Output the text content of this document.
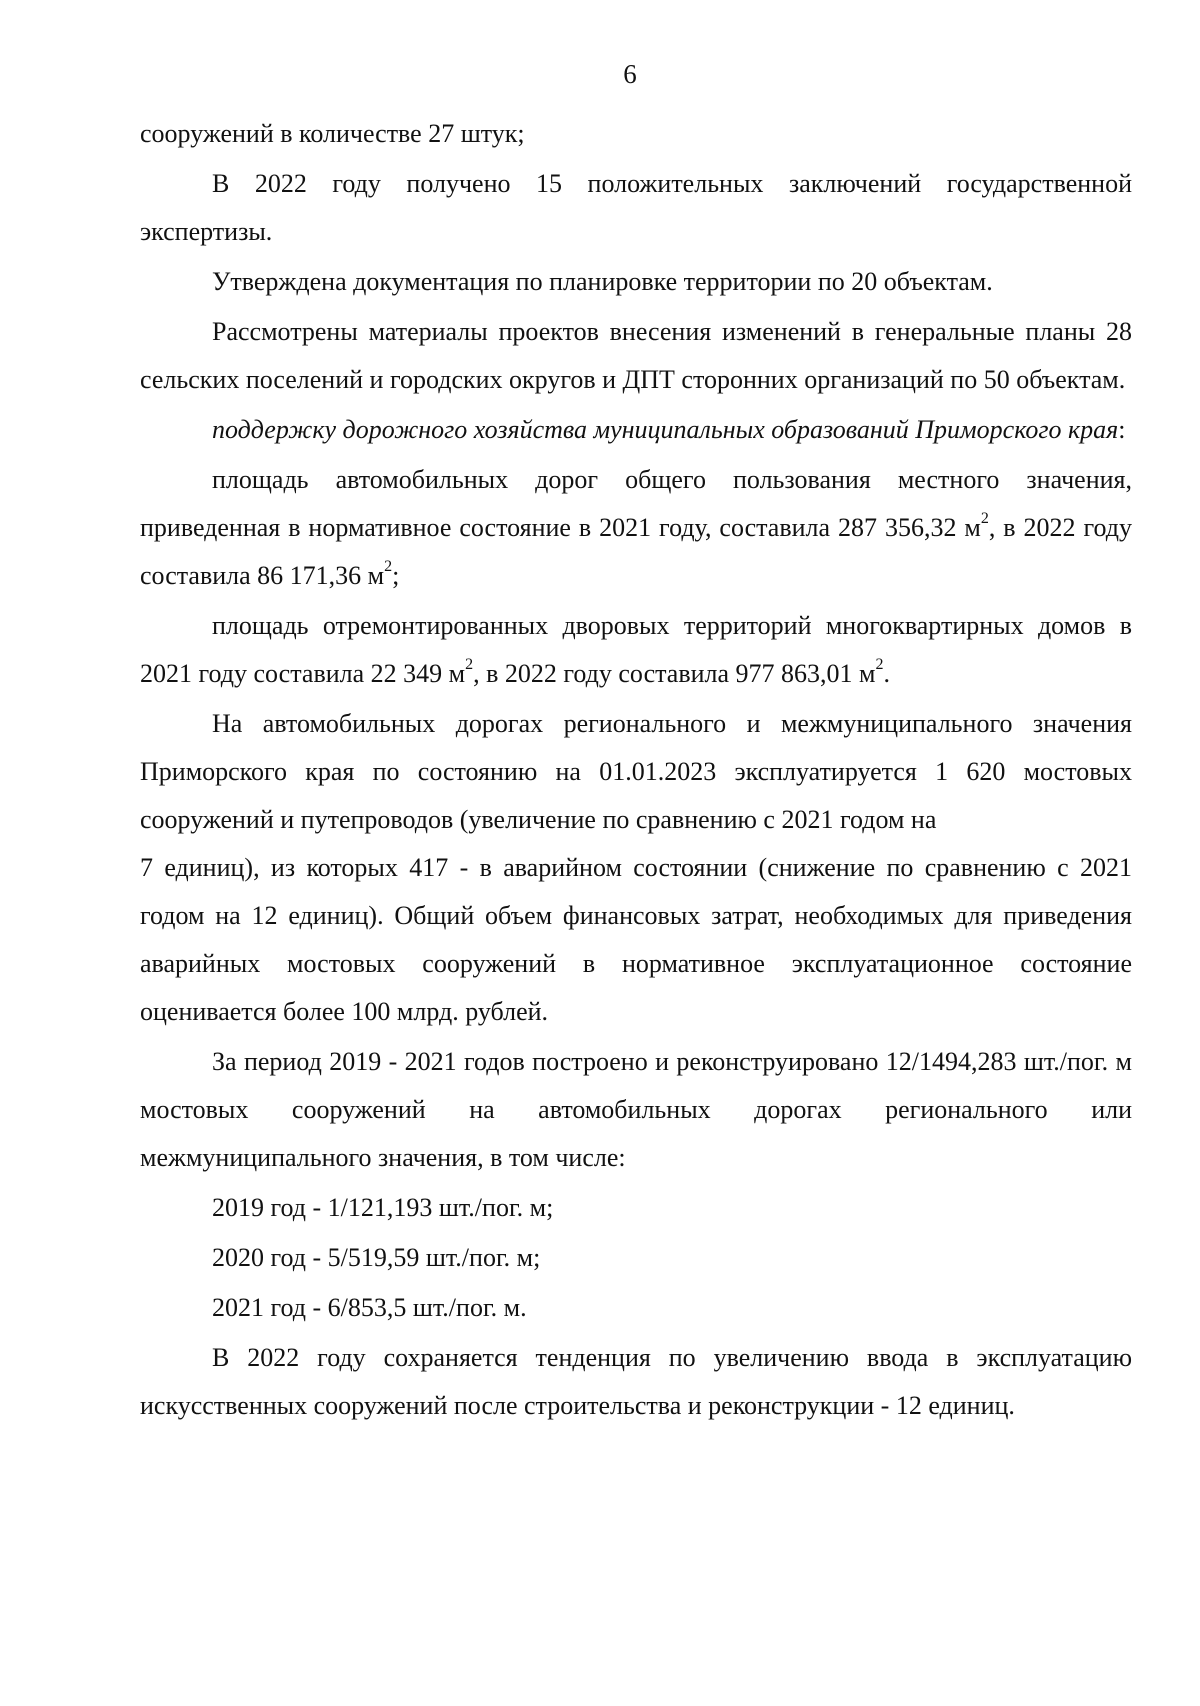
6

сооружений в количестве 27 штук;

В 2022 году получено 15 положительных заключений государственной экспертизы.

Утверждена документация по планировке территории по 20 объектам.

Рассмотрены материалы проектов внесения изменений в генеральные планы 28 сельских поселений и городских округов и ДПТ сторонних организаций по 50 объектам.

поддержку дорожного хозяйства муниципальных образований Приморского края:

площадь автомобильных дорог общего пользования местного значения, приведенная в нормативное состояние в 2021 году, составила 287 356,32 $м^2$, в 2022 году составила 86 171,36 $м^2$;

площадь отремонтированных дворовых территорий многоквартирных домов в 2021 году составила 22 349 $м^2$, в 2022 году составила 977 863,01 $м^2$.

На автомобильных дорогах регионального и межмуниципального значения Приморского края по состоянию на 01.01.2023 эксплуатируется 1 620 мостовых сооружений и путепроводов (увеличение по сравнению с 2021 годом на

7 единиц), из которых 417 - в аварийном состоянии (снижение по сравнению с 2021 годом на 12 единиц). Общий объем финансовых затрат, необходимых для приведения аварийных мостовых сооружений в нормативное эксплуатационное состояние оценивается более 100 млрд. рублей.

За период 2019 - 2021 годов построено и реконструировано 12/1494,283 шт./пог. м мостовых сооружений на автомобильных дорогах регионального или межмуниципального значения, в том числе:

2019 год - 1/121,193 шт./пог. м;

2020 год - 5/519,59 шт./пог. м;

2021 год - 6/853,5 шт./пог. м.

В 2022 году сохраняется тенденция по увеличению ввода в эксплуатацию искусственных сооружений после строительства и реконструкции - 12 единиц.
